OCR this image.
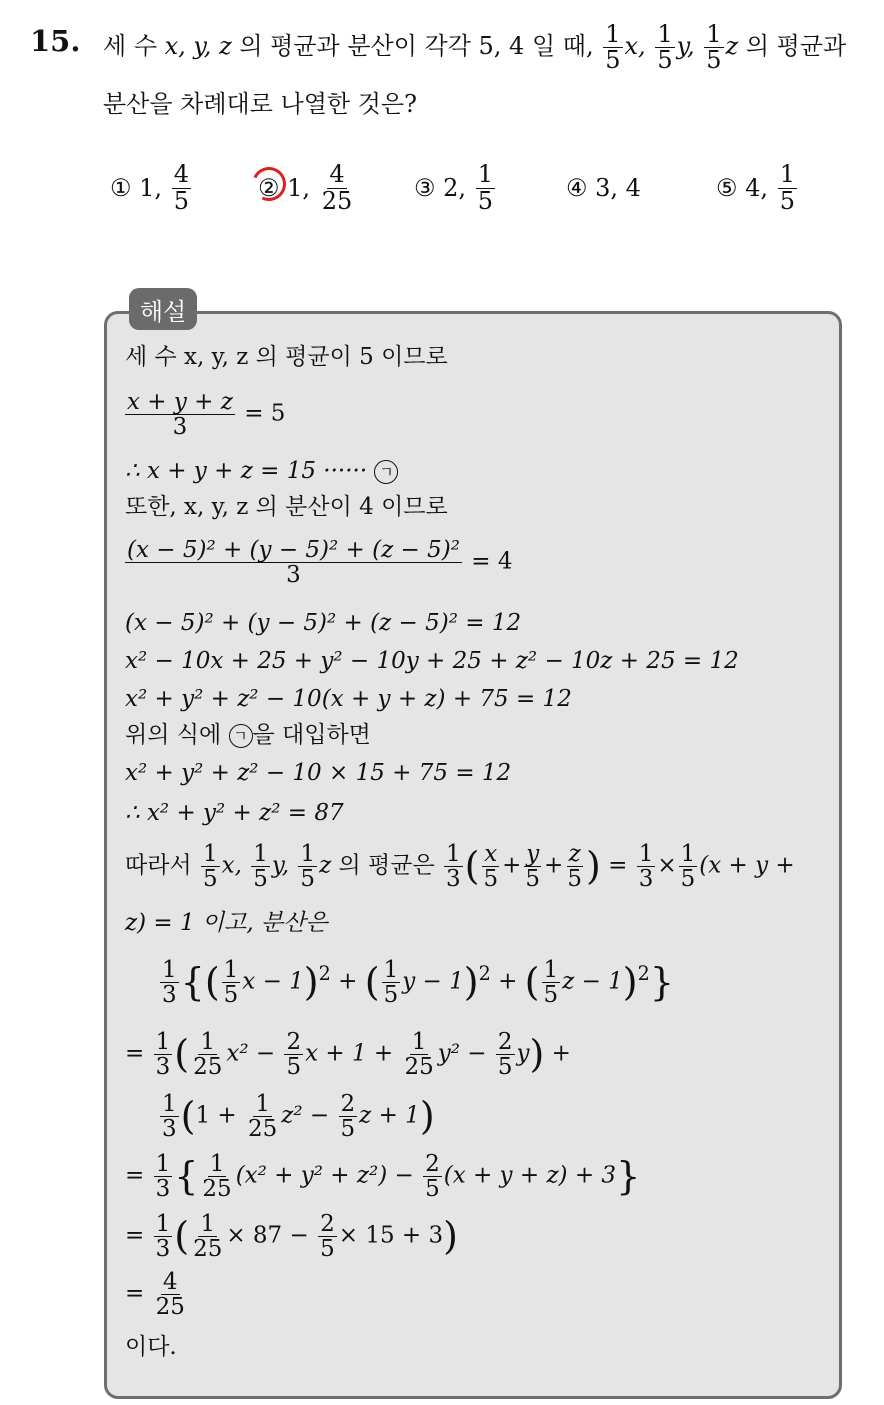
15. 세 수 x, y, z 의 평균과 분산이 각각 5, 4 일 때, $\frac{1}{5} x$, $\frac{1}{5} y$, $\frac{1}{5}$ z 의 평균과
분산을 차례대로 나열한 것은?
①
1,
4
5	②
1,
4
25	③
2,
1
5	④
3, 4	⑤
4,
1
5
해설
세 수 x, y, z 의 평균이 5 이므로
$\frac{x + y + z}{3} = 5$
∴ x + y + z = 15 ······ ㄱ
또한, x, y, z 의 분산이 4 이므로
$\frac{\text{(x − 5)² + (y − 5)² + (z − 5)²}}{3} = 4$
(x − 5)² + (y − 5)² + (z − 5)² = 12
x² − 10x + 25 + y² − 10y + 25 + z² − 10z + 25 = 12
x² + y² + z² − 10(x + y + z) + 75 = 12
위의 식에 ㄱ 을 대입하면
x² + y² + z² − 10 × 15 + 75 = 12
∴ x² + y² + z² = 87
따라서 $\frac{1}{5} x$, $\frac{1}{5} y$, $\frac{1}{5}$ z 의 평균은 $\frac{1}{3}$ ( $\frac{x}{5} + \frac{y}{5} + \frac{z}{5}$ ) = $\frac{1}{3} \times \frac{1}{5} (x + y$ +
z) = 1 이고, 분산은
$\frac{1}{3}$ {( $\frac{1}{5}$ x − 1)$^2$ + ( $\frac{1}{5}$ y − 1)$^2$ + ( $\frac{1}{5}$ z − 1)$^2$}
= $\frac{1}{3}$ ( $\frac{1}{25} x^2 - \frac{2}{5}$ $x + 1 + \frac{1}{25} y^2 - \frac{2}{5} y$) +
$\frac{1}{3} (1 + \frac{1}{25} z^2 - \frac{2}{5}$ z + 1)
= $\frac{1}{3}$ { $\frac{1}{25} (x^2 + y^2 + z^2) - \frac{2}{5} (x + y + z) + 3$}
= $\frac{1}{3}$ ( $\frac{1}{25} \times 87 - \frac{2}{5} \times 15 + 3$)
= $\frac{4}{25}$
이다.
